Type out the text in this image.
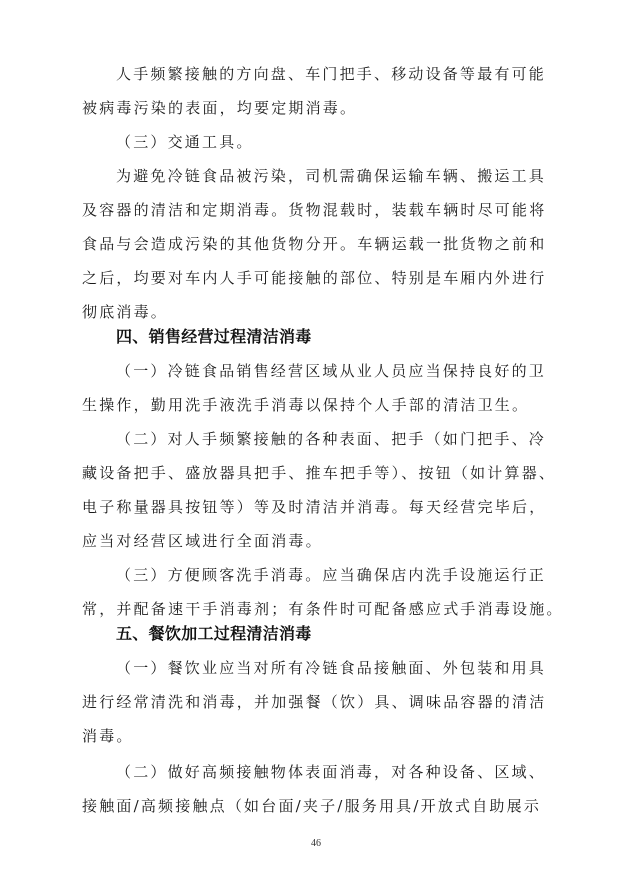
人手频繁接触的方向盘、车门把手、移动设备等最有可能
被病毒污染的表面，均要定期消毒。
（三）交通工具。
为避免冷链食品被污染，司机需确保运输车辆、搬运工具
及容器的清洁和定期消毒。货物混载时，装载车辆时尽可能将
食品与会造成污染的其他货物分开。车辆运载一批货物之前和
之后，均要对车内人手可能接触的部位、特别是车厢内外进行
彻底消毒。
四、销售经营过程清洁消毒
（一）冷链食品销售经营区域从业人员应当保持良好的卫
生操作，勤用洗手液洗手消毒以保持个人手部的清洁卫生。
（二）对人手频繁接触的各种表面、把手（如门把手、冷
藏设备把手、盛放器具把手、推车把手等）、按钮（如计算器、
电子称量器具按钮等）等及时清洁并消毒。每天经营完毕后，
应当对经营区域进行全面消毒。
（三）方便顾客洗手消毒。应当确保店内洗手设施运行正
常，并配备速干手消毒剂；有条件时可配备感应式手消毒设施。
五、餐饮加工过程清洁消毒
（一）餐饮业应当对所有冷链食品接触面、外包装和用具
进行经常清洗和消毒，并加强餐（饮）具、调味品容器的清洁
消毒。
（二）做好高频接触物体表面消毒，对各种设备、区域、
接触面/高频接触点（如台面/夹子/服务用具/开放式自助展示
46
